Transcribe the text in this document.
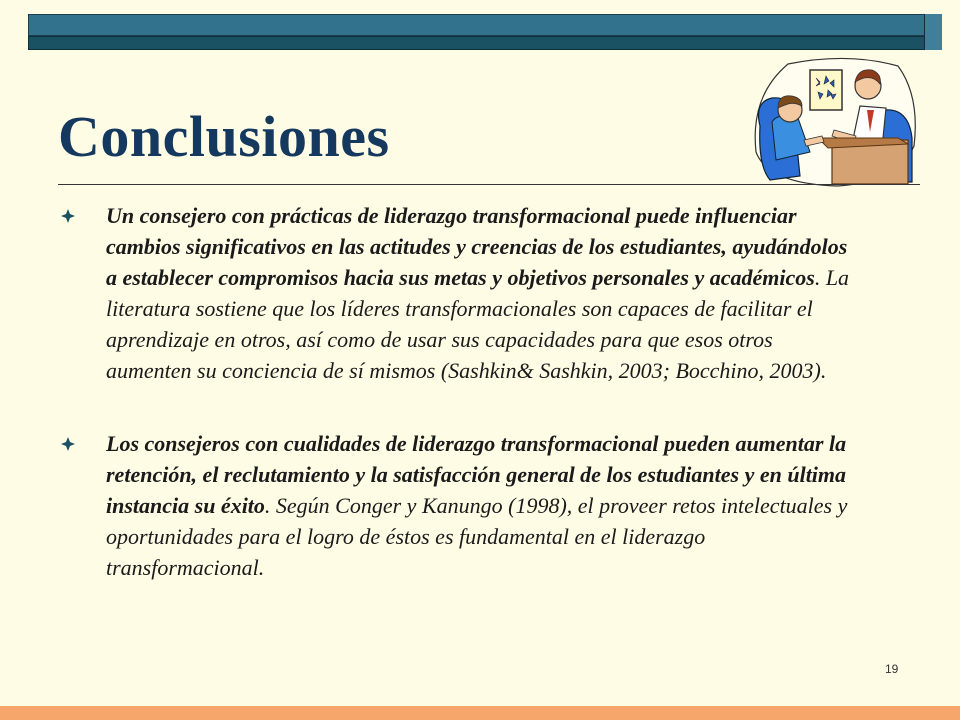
Conclusiones
Un consejero con prácticas de liderazgo transformacional puede influenciar cambios significativos en las actitudes y creencias de los estudiantes, ayudándolos a establecer compromisos hacia sus metas y objetivos personales y académicos. La literatura sostiene que los líderes transformacionales son capaces de facilitar el aprendizaje en otros, así como de usar sus capacidades para que esos otros aumenten su conciencia de sí mismos (Sashkin& Sashkin, 2003; Bocchino, 2003).
Los consejeros con cualidades de liderazgo transformacional pueden aumentar la retención, el reclutamiento y la satisfacción general de los estudiantes y en última instancia su éxito. Según Conger y Kanungo (1998), el proveer retos intelectuales y oportunidades para el logro de éstos es fundamental en el liderazgo transformacional.
19
